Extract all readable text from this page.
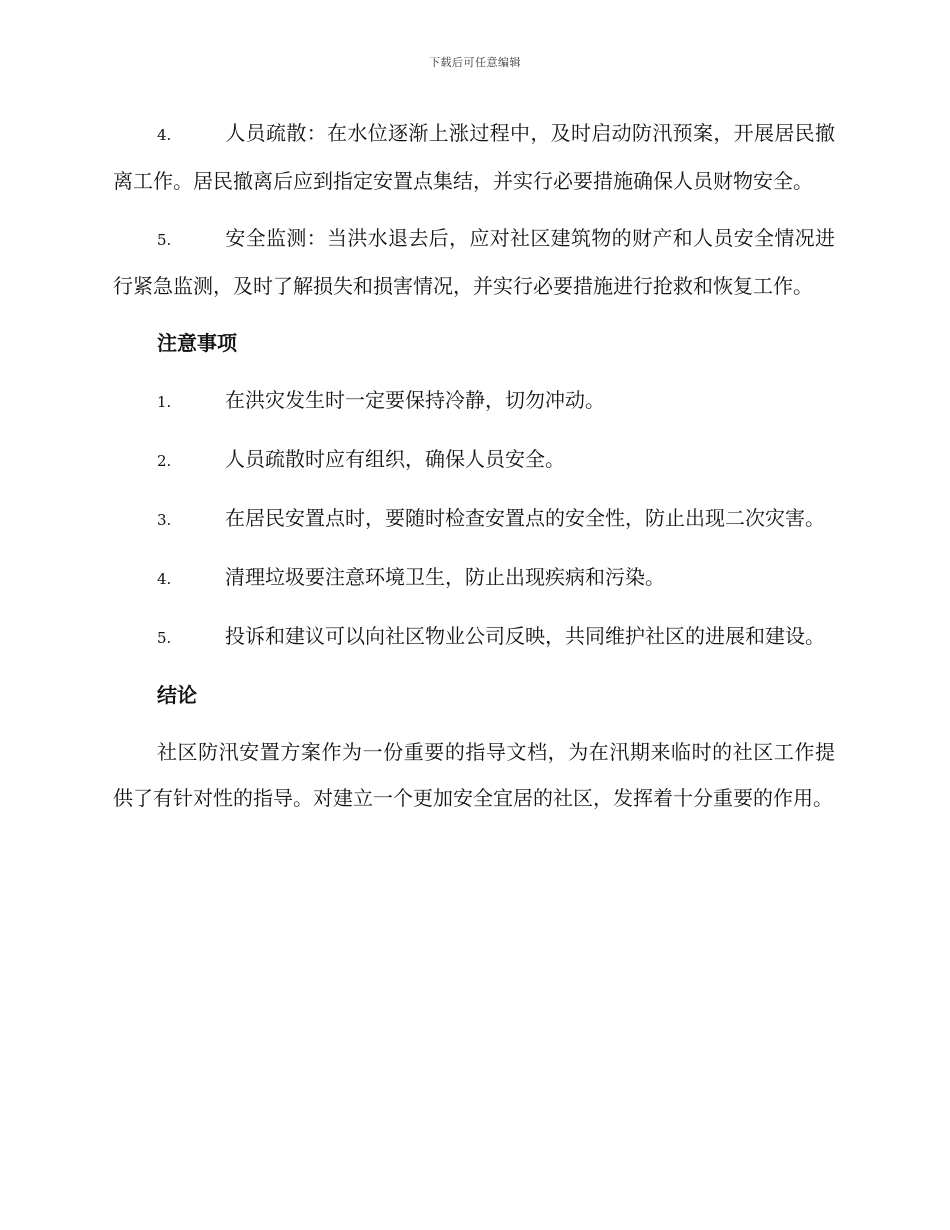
下载后可任意编辑

4.	人员疏散：在水位逐渐上涨过程中，及时启动防汛预案，开展居民撤离工作。居民撤离后应到指定安置点集结，并实行必要措施确保人员财物安全。

5.	安全监测：当洪水退去后，应对社区建筑物的财产和人员安全情况进行紧急监测，及时了解损失和损害情况，并实行必要措施进行抢救和恢复工作。

注意事项

1.	在洪灾发生时一定要保持冷静，切勿冲动。

2.	人员疏散时应有组织，确保人员安全。

3.	在居民安置点时，要随时检查安置点的安全性，防止出现二次灾害。

4.	清理垃圾要注意环境卫生，防止出现疾病和污染。

5.	投诉和建议可以向社区物业公司反映，共同维护社区的进展和建设。

结论

社区防汛安置方案作为一份重要的指导文档，为在汛期来临时的社区工作提供了有针对性的指导。对建立一个更加安全宜居的社区，发挥着十分重要的作用。
